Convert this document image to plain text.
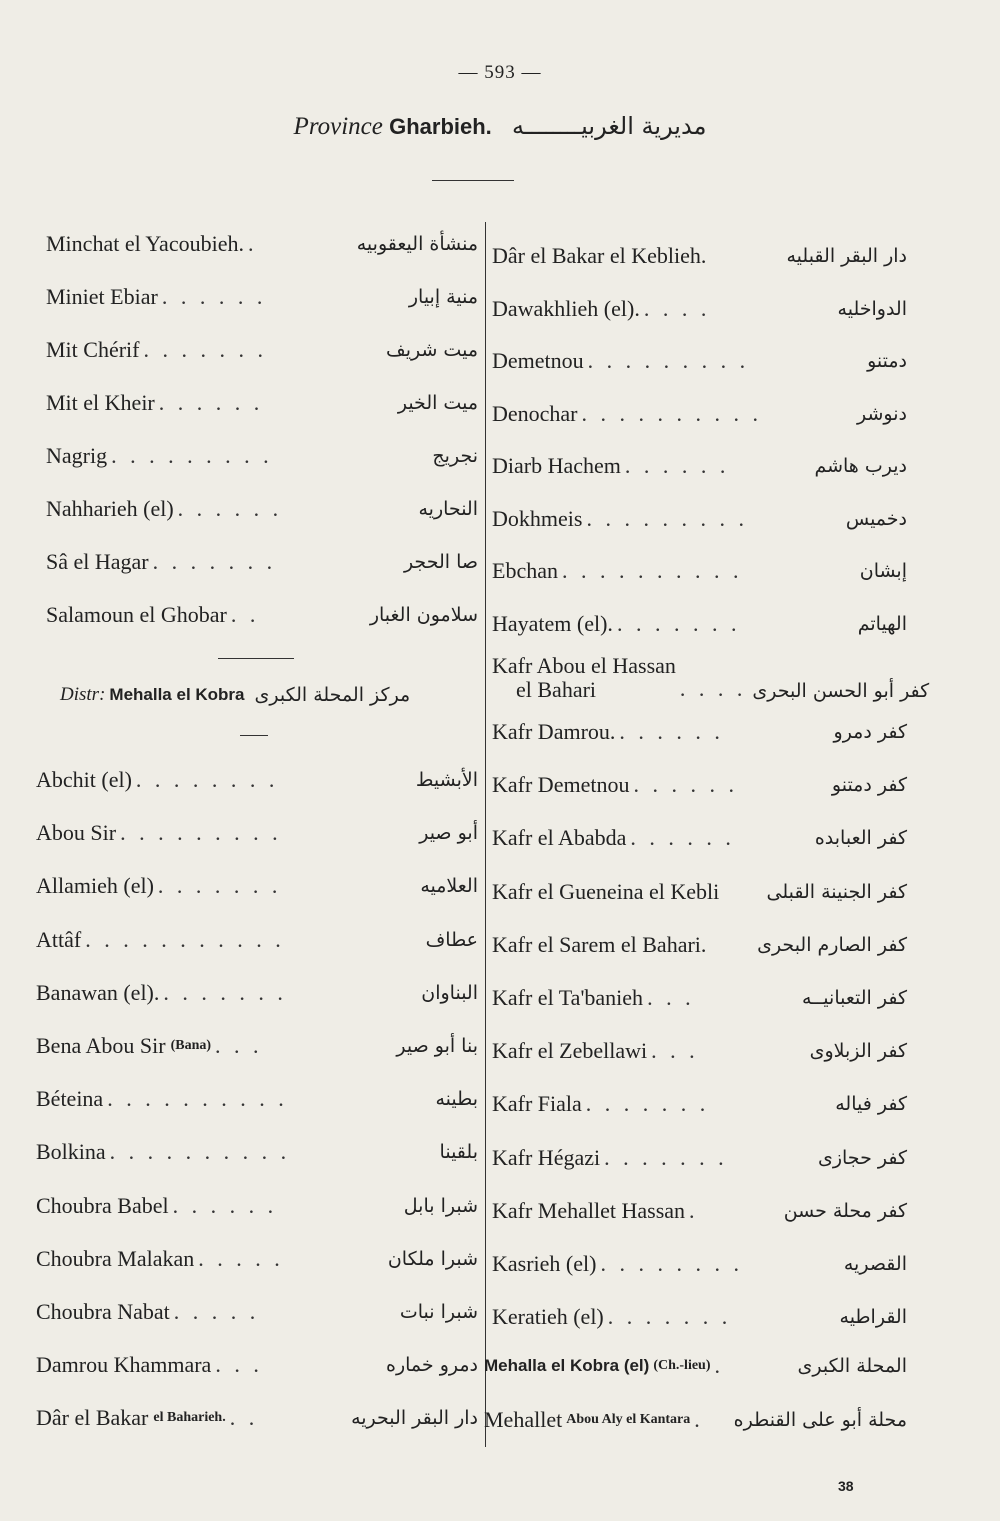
— 593 —
Province Gharbieh. مديرية الغربيــــــــه
Minchat el Yacoubieh. .	منشأة اليعقوبيه
Miniet Ebiar . . . . . .	منية إبيار
Mit Chérif . . . . . . .	ميت شريف
Mit el Kheir . . . . . .	ميت الخير
Nagrig . . . . . . . . .	نجريج
Nahharieh (el) . . . . . .	النحاريه
Sâ el Hagar . . . . . . .	صا الحجر
Salamoun el Ghobar . .	سلامون الغبار
Distr: Mehalla el Kobra مركز المحلة الكبرى
Abchit (el) . . . . . . . .	الأبشيط
Abou Sir . . . . . . . . .	أبو صير
Allamieh (el) . . . . . . .	العلاميه
Attâf . . . . . . . . . . .	عطاف
Banawan (el). . . . . . . .	البناوان
Bena Abou Sir (Bana) . . .	بنا أبو صير
Béteina . . . . . . . . . .	بطينه
Bolkina . . . . . . . . . .	بلقينا
Choubra Babel . . . . . .	شبرا بابل
Choubra Malakan . . . . .	شبرا ملكان
Choubra Nabat . . . . .	شبرا نبات
Damrou Khammara . . .	دمرو خماره
Dâr el Bakar el Baharieh. . .	دار البقر البحريه
Kafr Abou el Hassan
el Bahari	. . . . كفر أبو الحسن البحرى
Mehalla el Kobra (el) (Ch.-lieu) .	المحلة الكبرى
Mehallet Abou Aly el Kantara .	محلة أبو على القنطره
Dâr el Bakar el Keblieh.	دار البقر القبليه
Dawakhlieh (el). . . . .	الدواخليه
Demetnou . . . . . . . . .	دمتنو
Denochar . . . . . . . . . .	دنوشر
Diarb Hachem . . . . . .	دیرب هاشم
Dokhmeis . . . . . . . . .	دخميس
Ebchan . . . . . . . . . .	إبشان
Hayatem (el). . . . . . . .	الهياتم
Kafr Damrou. . . . . . .	كفر دمرو
Kafr Demetnou . . . . . .	كفر دمتنو
Kafr el Ababda . . . . . .	كفر العبابده
Kafr el Gueneina el Kebli	كفر الجنينة القبلى
Kafr el Sarem el Bahari.	كفر الصارم البحرى
Kafr el Ta'banieh . . .	كفر التعبانيــه
Kafr el Zebellawi . . .	كفر الزبلاوى
Kafr Fiala . . . . . . .	كفر فياله
Kafr Hégazi . . . . . . .	كفر حجازى
Kafr Mehallet Hassan .	كفر محلة حسن
Kasrieh (el) . . . . . . . .	القصريه
Keratieh (el) . . . . . . .	القراطيه
38
